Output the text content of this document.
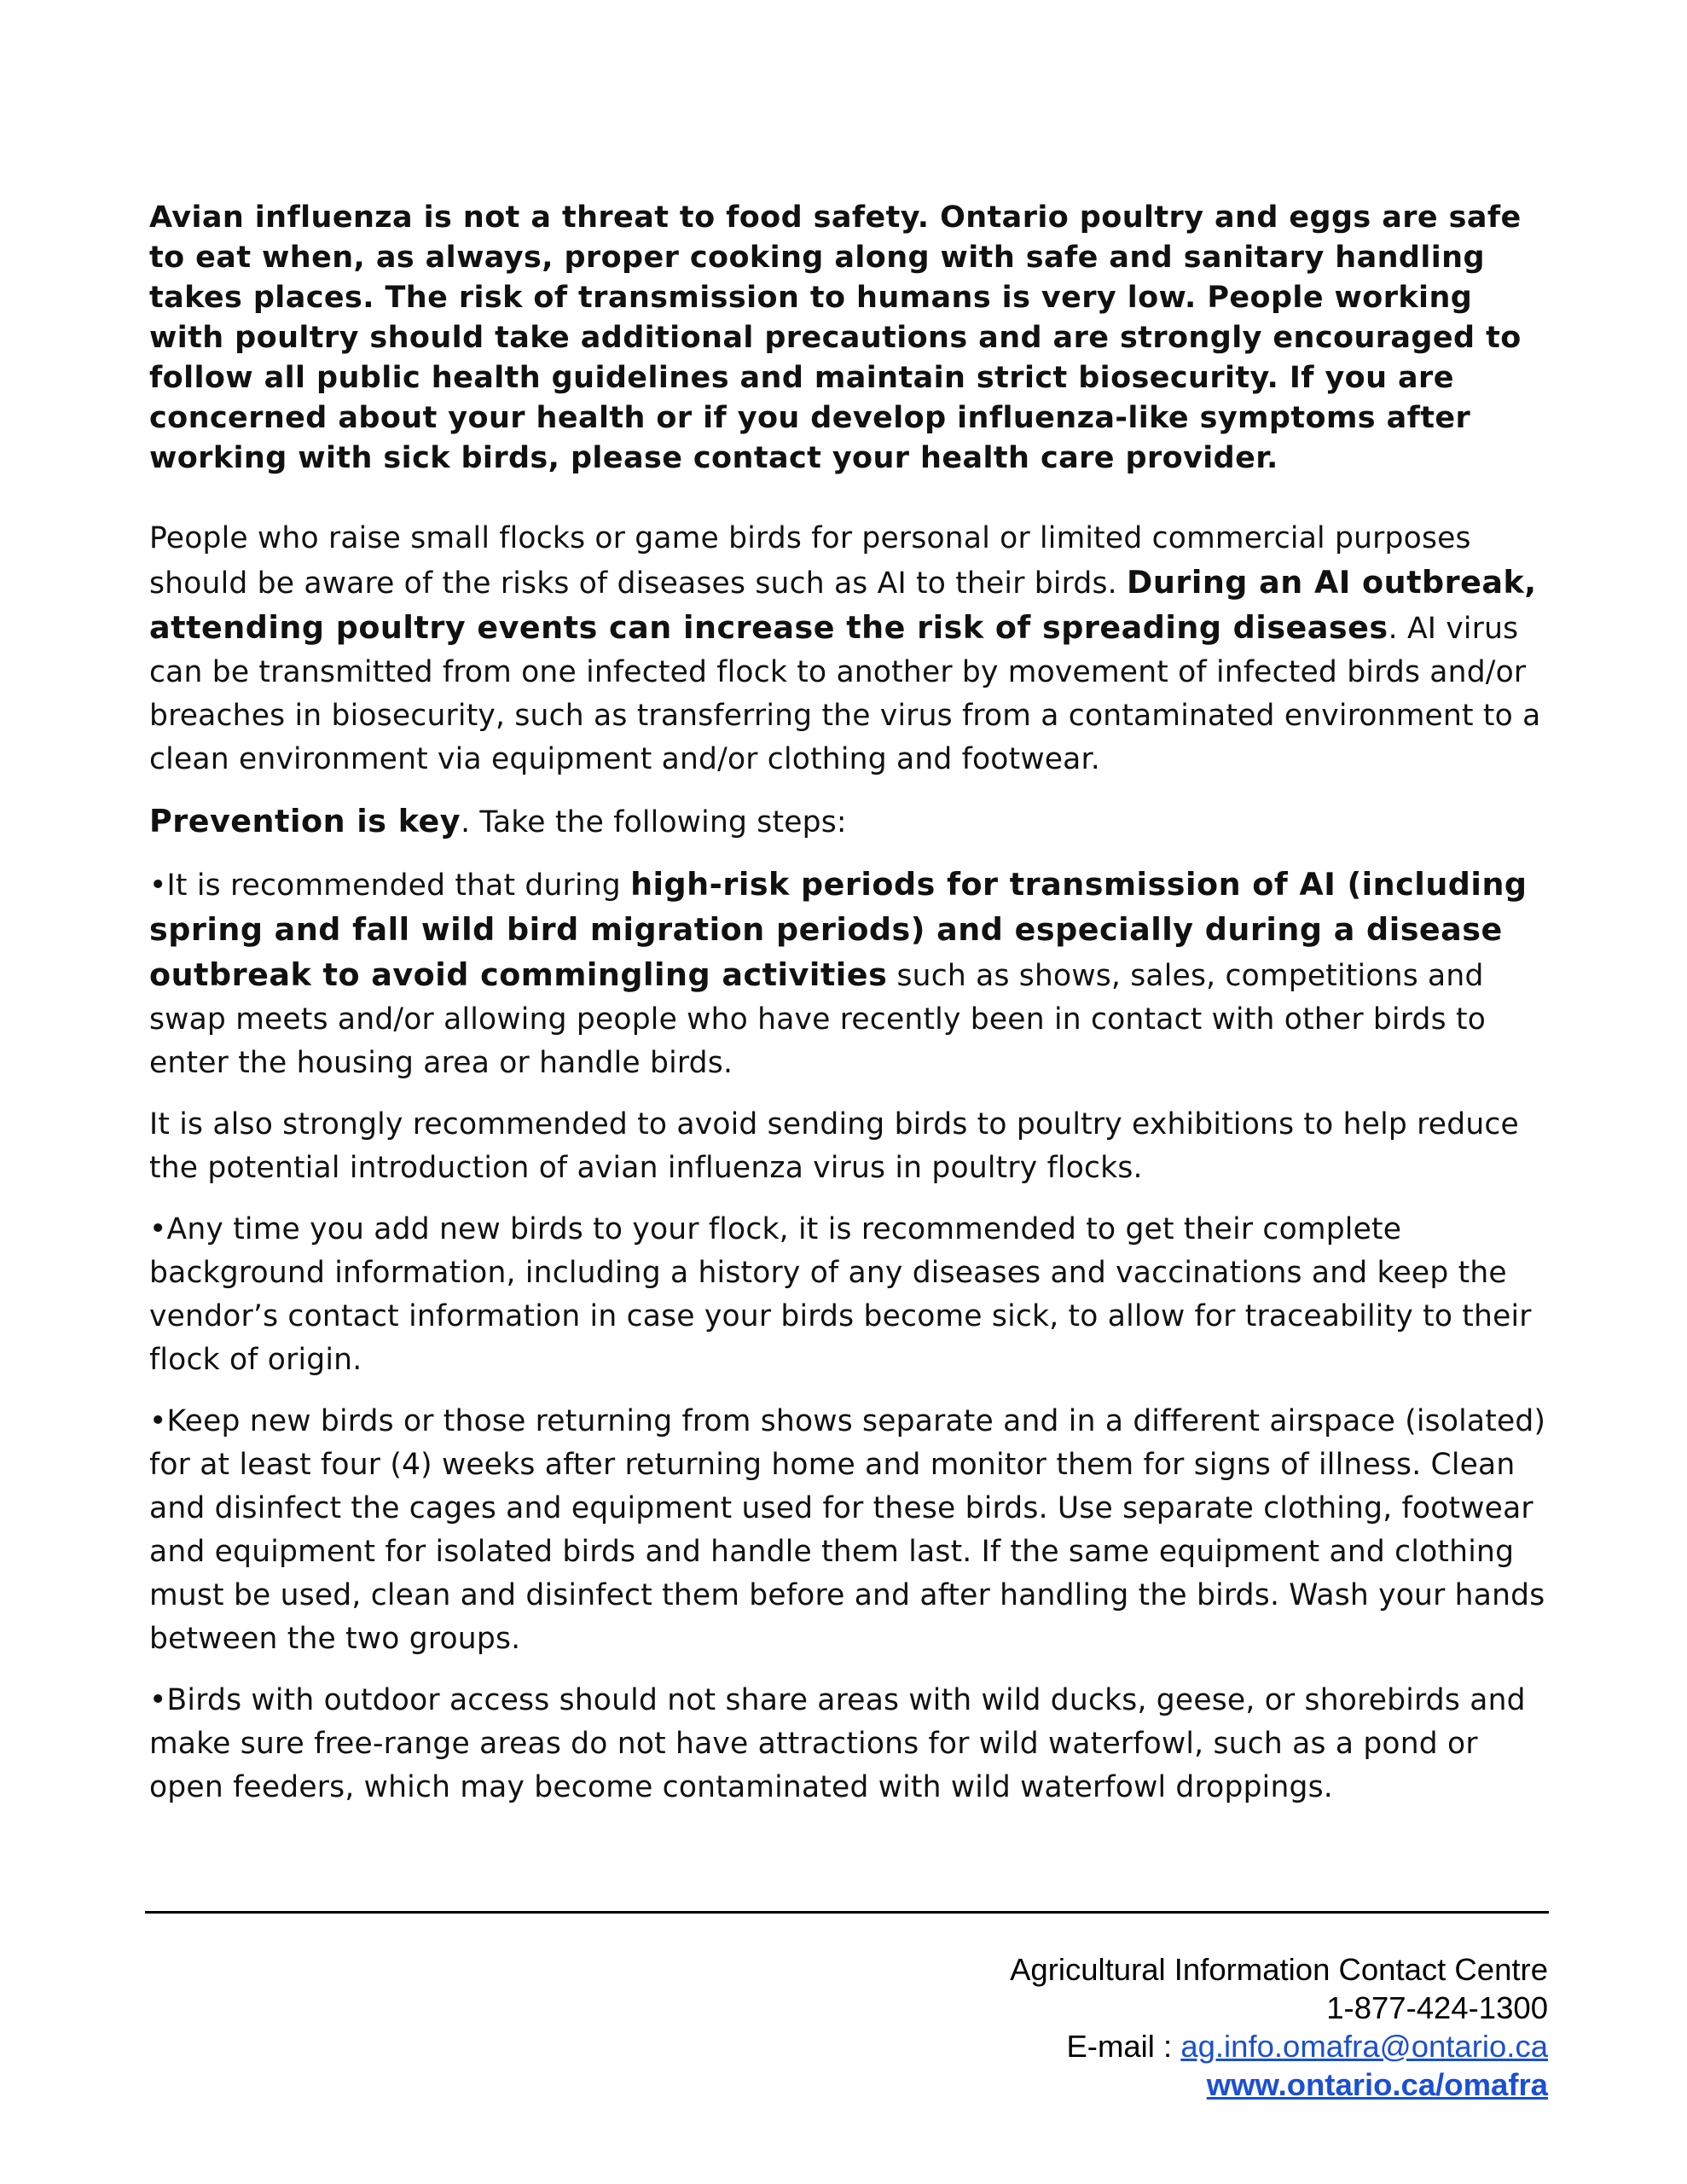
Avian influenza is not a threat to food safety. Ontario poultry and eggs are safe to eat when, as always, proper cooking along with safe and sanitary handling takes places. The risk of transmission to humans is very low. People working with poultry should take additional precautions and are strongly encouraged to follow all public health guidelines and maintain strict biosecurity. If you are concerned about your health or if you develop influenza-like symptoms after working with sick birds, please contact your health care provider.

People who raise small flocks or game birds for personal or limited commercial purposes should be aware of the risks of diseases such as AI to their birds. During an AI outbreak, attending poultry events can increase the risk of spreading diseases. AI virus can be transmitted from one infected flock to another by movement of infected birds and/or breaches in biosecurity, such as transferring the virus from a contaminated environment to a clean environment via equipment and/or clothing and footwear.

Prevention is key. Take the following steps:

•It is recommended that during high-risk periods for transmission of AI (including spring and fall wild bird migration periods) and especially during a disease outbreak to avoid commingling activities such as shows, sales, competitions and swap meets and/or allowing people who have recently been in contact with other birds to enter the housing area or handle birds.

It is also strongly recommended to avoid sending birds to poultry exhibitions to help reduce the potential introduction of avian influenza virus in poultry flocks.

•Any time you add new birds to your flock, it is recommended to get their complete background information, including a history of any diseases and vaccinations and keep the vendor’s contact information in case your birds become sick, to allow for traceability to their flock of origin.

•Keep new birds or those returning from shows separate and in a different airspace (isolated) for at least four (4) weeks after returning home and monitor them for signs of illness. Clean and disinfect the cages and equipment used for these birds. Use separate clothing, footwear and equipment for isolated birds and handle them last. If the same equipment and clothing must be used, clean and disinfect them before and after handling the birds. Wash your hands between the two groups.

•Birds with outdoor access should not share areas with wild ducks, geese, or shorebirds and make sure free-range areas do not have attractions for wild waterfowl, such as a pond or open feeders, which may become contaminated with wild waterfowl droppings.

Agricultural Information Contact Centre
1-877-424-1300
E-mail : ag.info.omafra@ontario.ca
www.ontario.ca/omafra
